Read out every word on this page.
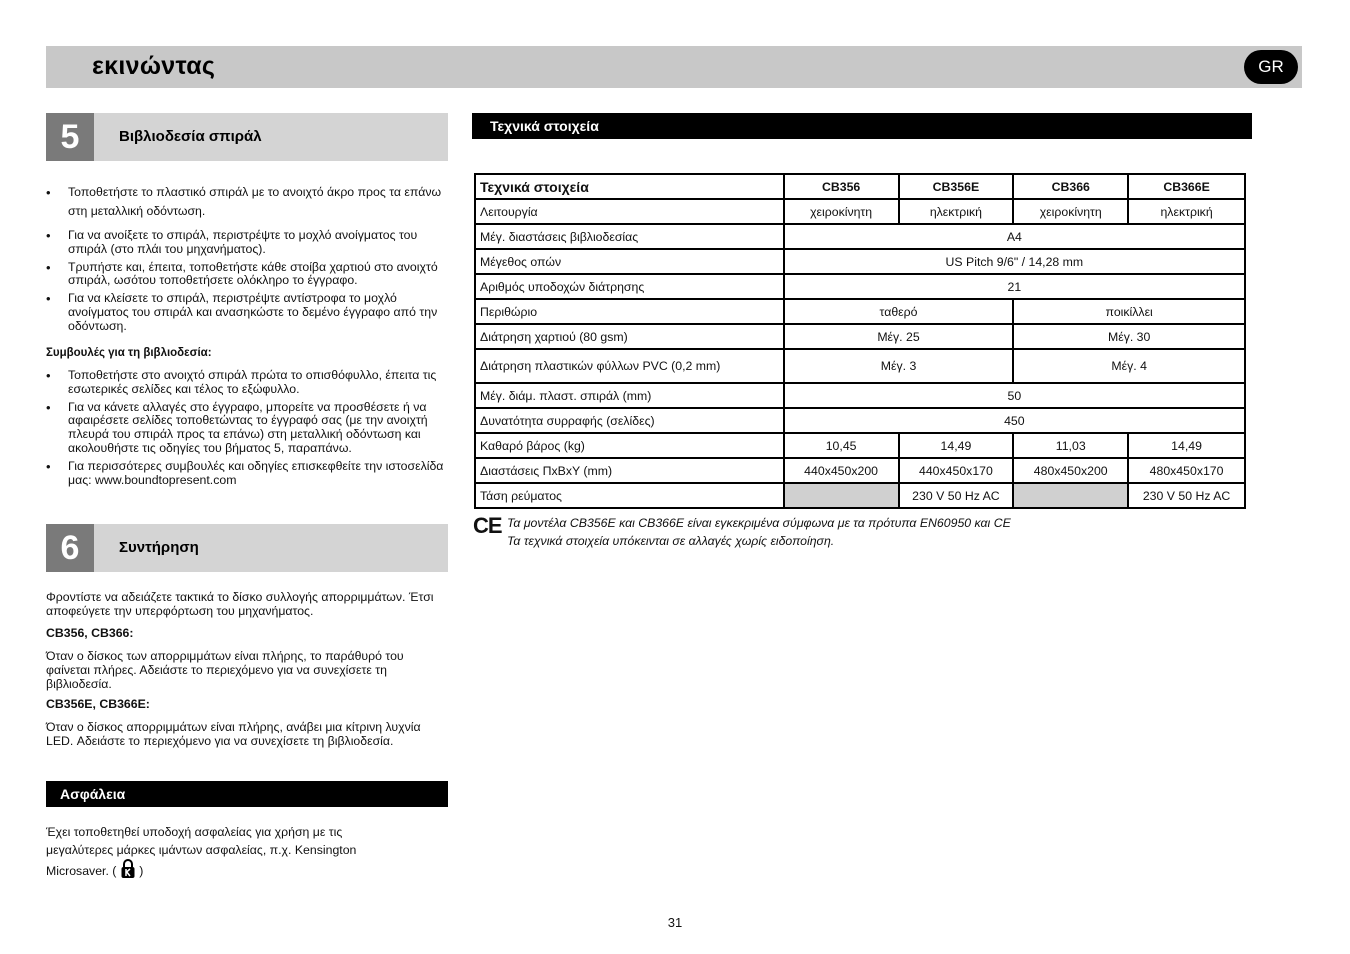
εκινώντας	GR
5	Βιβλιοδεσία σπιράλ
• Τοποθετήστε το πλαστικό σπιράλ με το ανοιχτό άκρο προς τα επάνω στη μεταλλική οδόντωση.
• Για να ανοίξετε το σπιράλ, περιστρέψτε το μοχλό ανοίγματος του σπιράλ (στο πλάι του μηχανήματος).
• Τρυπήστε και, έπειτα, τοποθετήστε κάθε στοίβα χαρτιού στο ανοιχτό σπιράλ, ωσότου τοποθετήσετε ολόκληρο το έγγραφο.
• Για να κλείσετε το σπιράλ, περιστρέψτε αντίστροφα το μοχλό ανοίγματος του σπιράλ και ανασηκώστε το δεμένο έγγραφο από την οδόντωση.
Συμβουλές για τη βιβλιοδεσία:
• Τοποθετήστε στο ανοιχτό σπιράλ πρώτα το οπισθόφυλλο, έπειτα τις εσωτερικές σελίδες και τέλος το εξώφυλλο.
• Για να κάνετε αλλαγές στο έγγραφο, μπορείτε να προσθέσετε ή να αφαιρέσετε σελίδες τοποθετώντας το έγγραφό σας (με την ανοιχτή πλευρά του σπιράλ προς τα επάνω) στη μεταλλική οδόντωση και ακολουθήστε τις οδηγίες του βήματος 5, παραπάνω.
• Για περισσότερες συμβουλές και οδηγίες επισκεφθείτε την ιστοσελίδα μας: www.boundtopresent.com
6	Συντήρηση
Φροντίστε να αδειάζετε τακτικά το δίσκο συλλογής απορριμμάτων. Έτσι αποφεύγετε την υπερφόρτωση του μηχανήματος.
CB356, CB366:
Όταν ο δίσκος των απορριμμάτων είναι πλήρης, το παράθυρό του φαίνεται πλήρες. Αδειάστε το περιεχόμενο για να συνεχίσετε τη βιβλιοδεσία.
CB356E, CB366E:
Όταν ο δίσκος απορριμμάτων είναι πλήρης, ανάβει μια κίτρινη λυχνία LED. Αδειάστε το περιεχόμενο για να συνεχίσετε τη βιβλιοδεσία.
Ασφάλεια
Έχει τοποθετηθεί υποδοχή ασφαλείας για χρήση με τις
μεγαλύτερες μάρκες ιμάντων ασφαλείας, π.χ. Kensington
Microsaver. ( )
Τεχνικά στοιχεία
Τεχνικά στοιχεία	CB356	CB356E	CB366	CB366E
Λειτουργία	χειροκίνητη	ηλεκτρική	χειροκίνητη	ηλεκτρική
Μέγ. διαστάσεις βιβλιοδεσίας	A4			
Μέγεθος οπών	US Pitch 9/6" / 14,28 mm			
Αριθμός υποδοχών διάτρησης	21			
Περιθώριο	ταθερό		ποικίλλει	
Διάτρηση χαρτιού (80 gsm)	Μέγ. 25		Μέγ. 30	
Διάτρηση πλαστικών φύλλων PVC (0,2 mm)	Μέγ. 3		Μέγ. 4	
Μέγ. διάμ. πλαστ. σπιράλ (mm)	50			
Δυνατότητα συρραφής (σελίδες)	450			
Καθαρό βάρος (kg)	10,45	14,49	11,03	14,49
Διαστάσεις ΠxΒxΥ (mm)	440x450x200	440x450x170	480x450x200	480x450x170
Τάση ρεύματος		230 V 50 Hz AC		230 V 50 Hz AC
CE Τα μοντέλα CB356E και CB366E είναι εγκεκριμένα σύμφωνα με τα πρότυπα EN60950 και CE
Τα τεχνικά στοιχεία υπόκεινται σε αλλαγές χωρίς ειδοποίηση.
31
